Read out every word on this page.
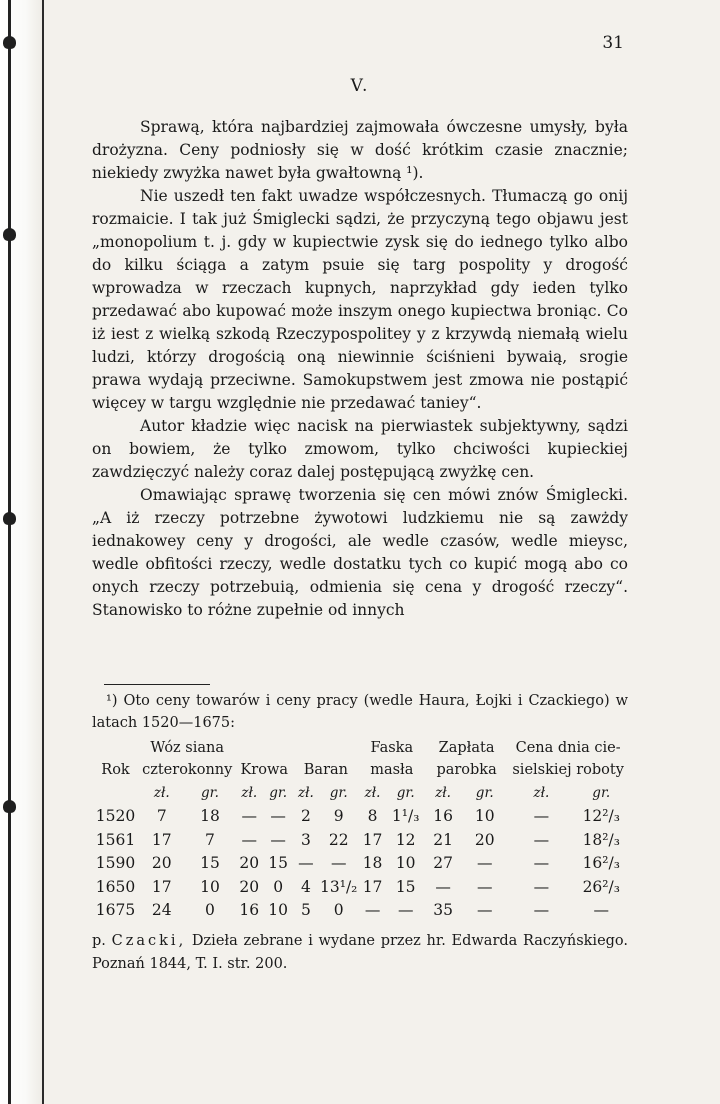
31
V.

Sprawą, która najbardziej zajmowała ówczesne umysły, była drożyzna. Ceny podniosły się w dość krótkim czasie znacznie; niekiedy zwyżka nawet była gwałtowną ¹).

Nie uszedł ten fakt uwadze współczesnych. Tłumaczą go onij rozmaicie. I tak już Śmiglecki sądzi, że przyczyną tego objawu jest „monopolium t. j. gdy w kupiectwie zysk się do iednego tylko albo do kilku ściąga a zatym psuie się targ pospolity y drogość wprowadza w rzeczach kupnych, naprzykład gdy ieden tylko przedawać abo kupować może inszym onego kupiectwa broniąc. Co iż iest z wielką szkodą Rzeczypospolitey y z krzywdą niemałą wielu ludzi, którzy drogością oną niewinnie ściśnieni bywaią, srogie prawa wydają przeciwne. Samokupstwem jest zmowa nie postąpić więcey w targu względnie nie przedawać taniey“.

Autor kładzie więc nacisk na pierwiastek subjektywny, sądzi on bowiem, że tylko zmowom, tylko chciwości kupieckiej zawdzięczyć należy coraz dalej postępującą zwyżkę cen.

Omawiając sprawę tworzenia się cen mówi znów Śmiglecki. „A iż rzeczy potrzebne żywotowi ludzkiemu nie są zawżdy iednakowey ceny y drogości, ale wedle czasów, wedle mieysc, wedle obfitości rzeczy, wedle dostatku tych co kupić mogą abo co onych rzeczy potrzebuią, odmienia się cena y drogość rzeczy“. Stanowisko to różne zupełnie od innych

¹) Oto ceny towarów i ceny pracy (wedle Haura, Łojki i Czackiego) w latach 1520—1675:

	Wóz siana						Faska		Zapłata		Cena dnia cie-	
Rok	czterokonny		Krowa		Baran		masła		parobka		sielskiej roboty	
	zł.	gr.	zł.	gr.	zł.	gr.	zł.	gr.	zł.	gr.	zł.	gr.
1520	7	18	—	—	2	9	8	1¹/₃	16	10	—	12²/₃
1561	17	7	—	—	3	22	17	12	21	20	—	18²/₃
1590	20	15	20	15	—	—	18	10	27	—	—	16²/₃
1650	17	10	20	0	4	13¹/₂	17	15	—	—	—	26²/₃
1675	24	0	16	10	5	0	—	—	35	—	—	—
p. Czacki, Dzieła zebrane i wydane przez hr. Edwarda Raczyńskiego. Poznań 1844, T. I. str. 200.
